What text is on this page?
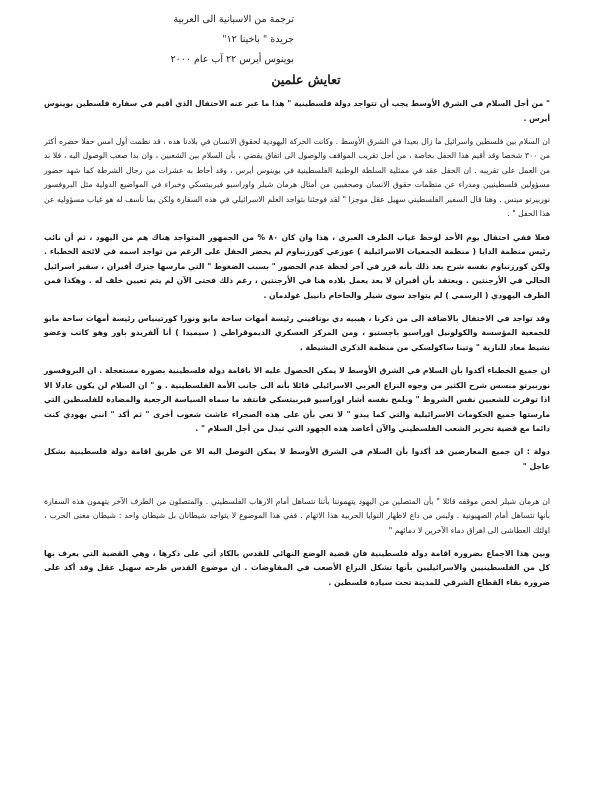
ترجمة من الاسبانية الى العربية
جريدة " باخينا ١٢"
بوينوس أيرس ٢٢ آب عام ٢٠٠٠
تعايش علمين

" من أجل السلام في الشرق الأوسط يجب أن تتواجد دولة فلسطينية " هذا ما عبر عنه الاحتفال الذي أقيم في سفارة فلسطين بوينوس أيرس .

ان السلام بين فلسطين واسرائيل ما زال بعيدا في الشرق الأوسط . وكانت الحركة اليهودية لحقوق الانسان في بلادنا هذه ، قد نظمت أول امس حفلا حضره أكثر من ٣٠٠ شخصا وقد أقيم هذا الحفل بخاصة ، من أجل تقريب المواقف والوصول الى اتفاق يقضي ، بأن السلام بين الشعبين ، وان بدا صعب الوصول اليه ، فلا بد من العمل على تقريبه . ان الحفل عقد في ممثلية السلطة الوطنية الفلسطينية في بوينوس أيرس ، وقد أحاط به عشرات من رجال الشرطة كما شهد حضور مسؤولين فلسطينيين ومدراء عن منظمات حقوق الانسان وصحفيين من أمثال هرمان شيلر واوراسيو فيربيتسكي وخبراء في المواضيع الدولية مثل البروفسور نوربيرتو مينس . وهنا قال السفير الفلسطيني سهيل عقل موجزا " لقد فوجئنا بتواجد العلم الاسرائيلي في هذه السفارة ولكن بما نأسف له هو غياب مسؤوليه عن هذا الحفل " .

فعلا ففي احتفال يوم الأحد لوحظ غياب الطرف العبري ، هذا وان كان ٨٠ % من الجمهور المتواجد هناك هم من اليهود ، ثم أن نائب رئيس منظمة الدايا ( منظمة الجمعيات الاسرائيلية ) عوزعي كورزنباوم لم يحضر الحفل على الرغم من تواجد اسمه في لائحة الخطباء . ولكن كورزنباوم نفسه شرح بعد ذلك بأنه قرر في آخر لحظة عدم الحضور " بسبب الضغوط " التي مارسها جنزك أفيران ، سفير اسرائيل الحالي في الأرجنتين . ويعتقد بأن أفيران لا يعد يعمل بلاده هنا في الأرجنتين ، رغم ذلك فحتى الآن لم يتم تعيين خلف له . وهكذا فمن الطرف اليهودي ( الرسمي ) لم يتواجد سوى شيلر والحاخام دانييل غولدمان .

وقد تواجد في الاحتفال بالاضافة الى من ذكرنا ، هيبيه دي بونافيني رئيسة أمهات ساحة مايو ونورا كورتينياس رئيسة أمهات ساحة مايو للجمعية المؤسسة والكولونيل اوراسيو باجستيو ، ومن المركز العسكري الديموقراطي ( سيميدا ) أنا آلفريدو باور وهو كاتب وعضو نشيط معاد للنازية " وتينا ساكولسكي من منظمة الذكرى النشيطة .

ان جميع الخطباء أكدوا بأن السلام في الشرق الأوسط لا يمكن الحصول عليه الا باقامة دولة فلسطينية بصورة مستعجلة . ان البروفسور نوربيرتو منسس شرح الكثير من وجوه النزاع العربي الاسرائيلي قائلا بأنه الى جانب الأمة الفلسطينية . و " ان السلام لن يكون عادلا الا اذا توفرت للشعبين نفس الشروط " ويلمح نفسه أشار اوراسيو فيربيتسكي فانتقد ما سماه السياسة الرجعية والمضادة للفلسطين التي مارستها جميع الحكومات الاسرائيلية والتي كما يبدو " لا تعي بأن على هذه الصحراء عاشت شعوب أخرى " ثم أكد " انني يهودي كنت دائما مع قضية تحرير الشعب الفلسطيني والآن أعاضد هذه الجهود التي تبذل من أجل السلام " .

دولة : ان جميع المعارضين قد أكدوا بأن السلام في الشرق الأوسط لا يمكن التوصل اليه الا عن طريق اقامة دولة فلسطينية بشكل عاجل "

ان هرمان شيلر لخص موقفه قائلا " بأن المتصلين من اليهود يتهموننا بأننا نتساهل أمام الارهاب الفلسطيني . والمتصلون من الطرف الآخر يتهمون هذه السفارة بأنها تتساهل أمام الصهيونية . وليس من داع لاظهار النوايا الحربية هذا الاتهام . ففي هذا الموضوع لا يتواجد شيطانان بل شيطان واحد : شيطان معنى الحرب ، اولئك العطاشى الى اهراق دماء الآخرين لا دمائهم "

وبين هذا الاجماع بضرورة اقامة دولة فلسطينية فان قضية الوضع النهائي للقدس بالكاد أتي على ذكرها ، وهي القضية التي يعرف بها كل من الفلسطينيين والاسرائيليين بأنها تشكل النزاع الأصعب في المفاوضات . ان موضوع القدس طرحه سهيل عقل وقد أكد على ضرورة بقاء القطاع الشرقي للمدينة تحت سيادة فلسطين .
